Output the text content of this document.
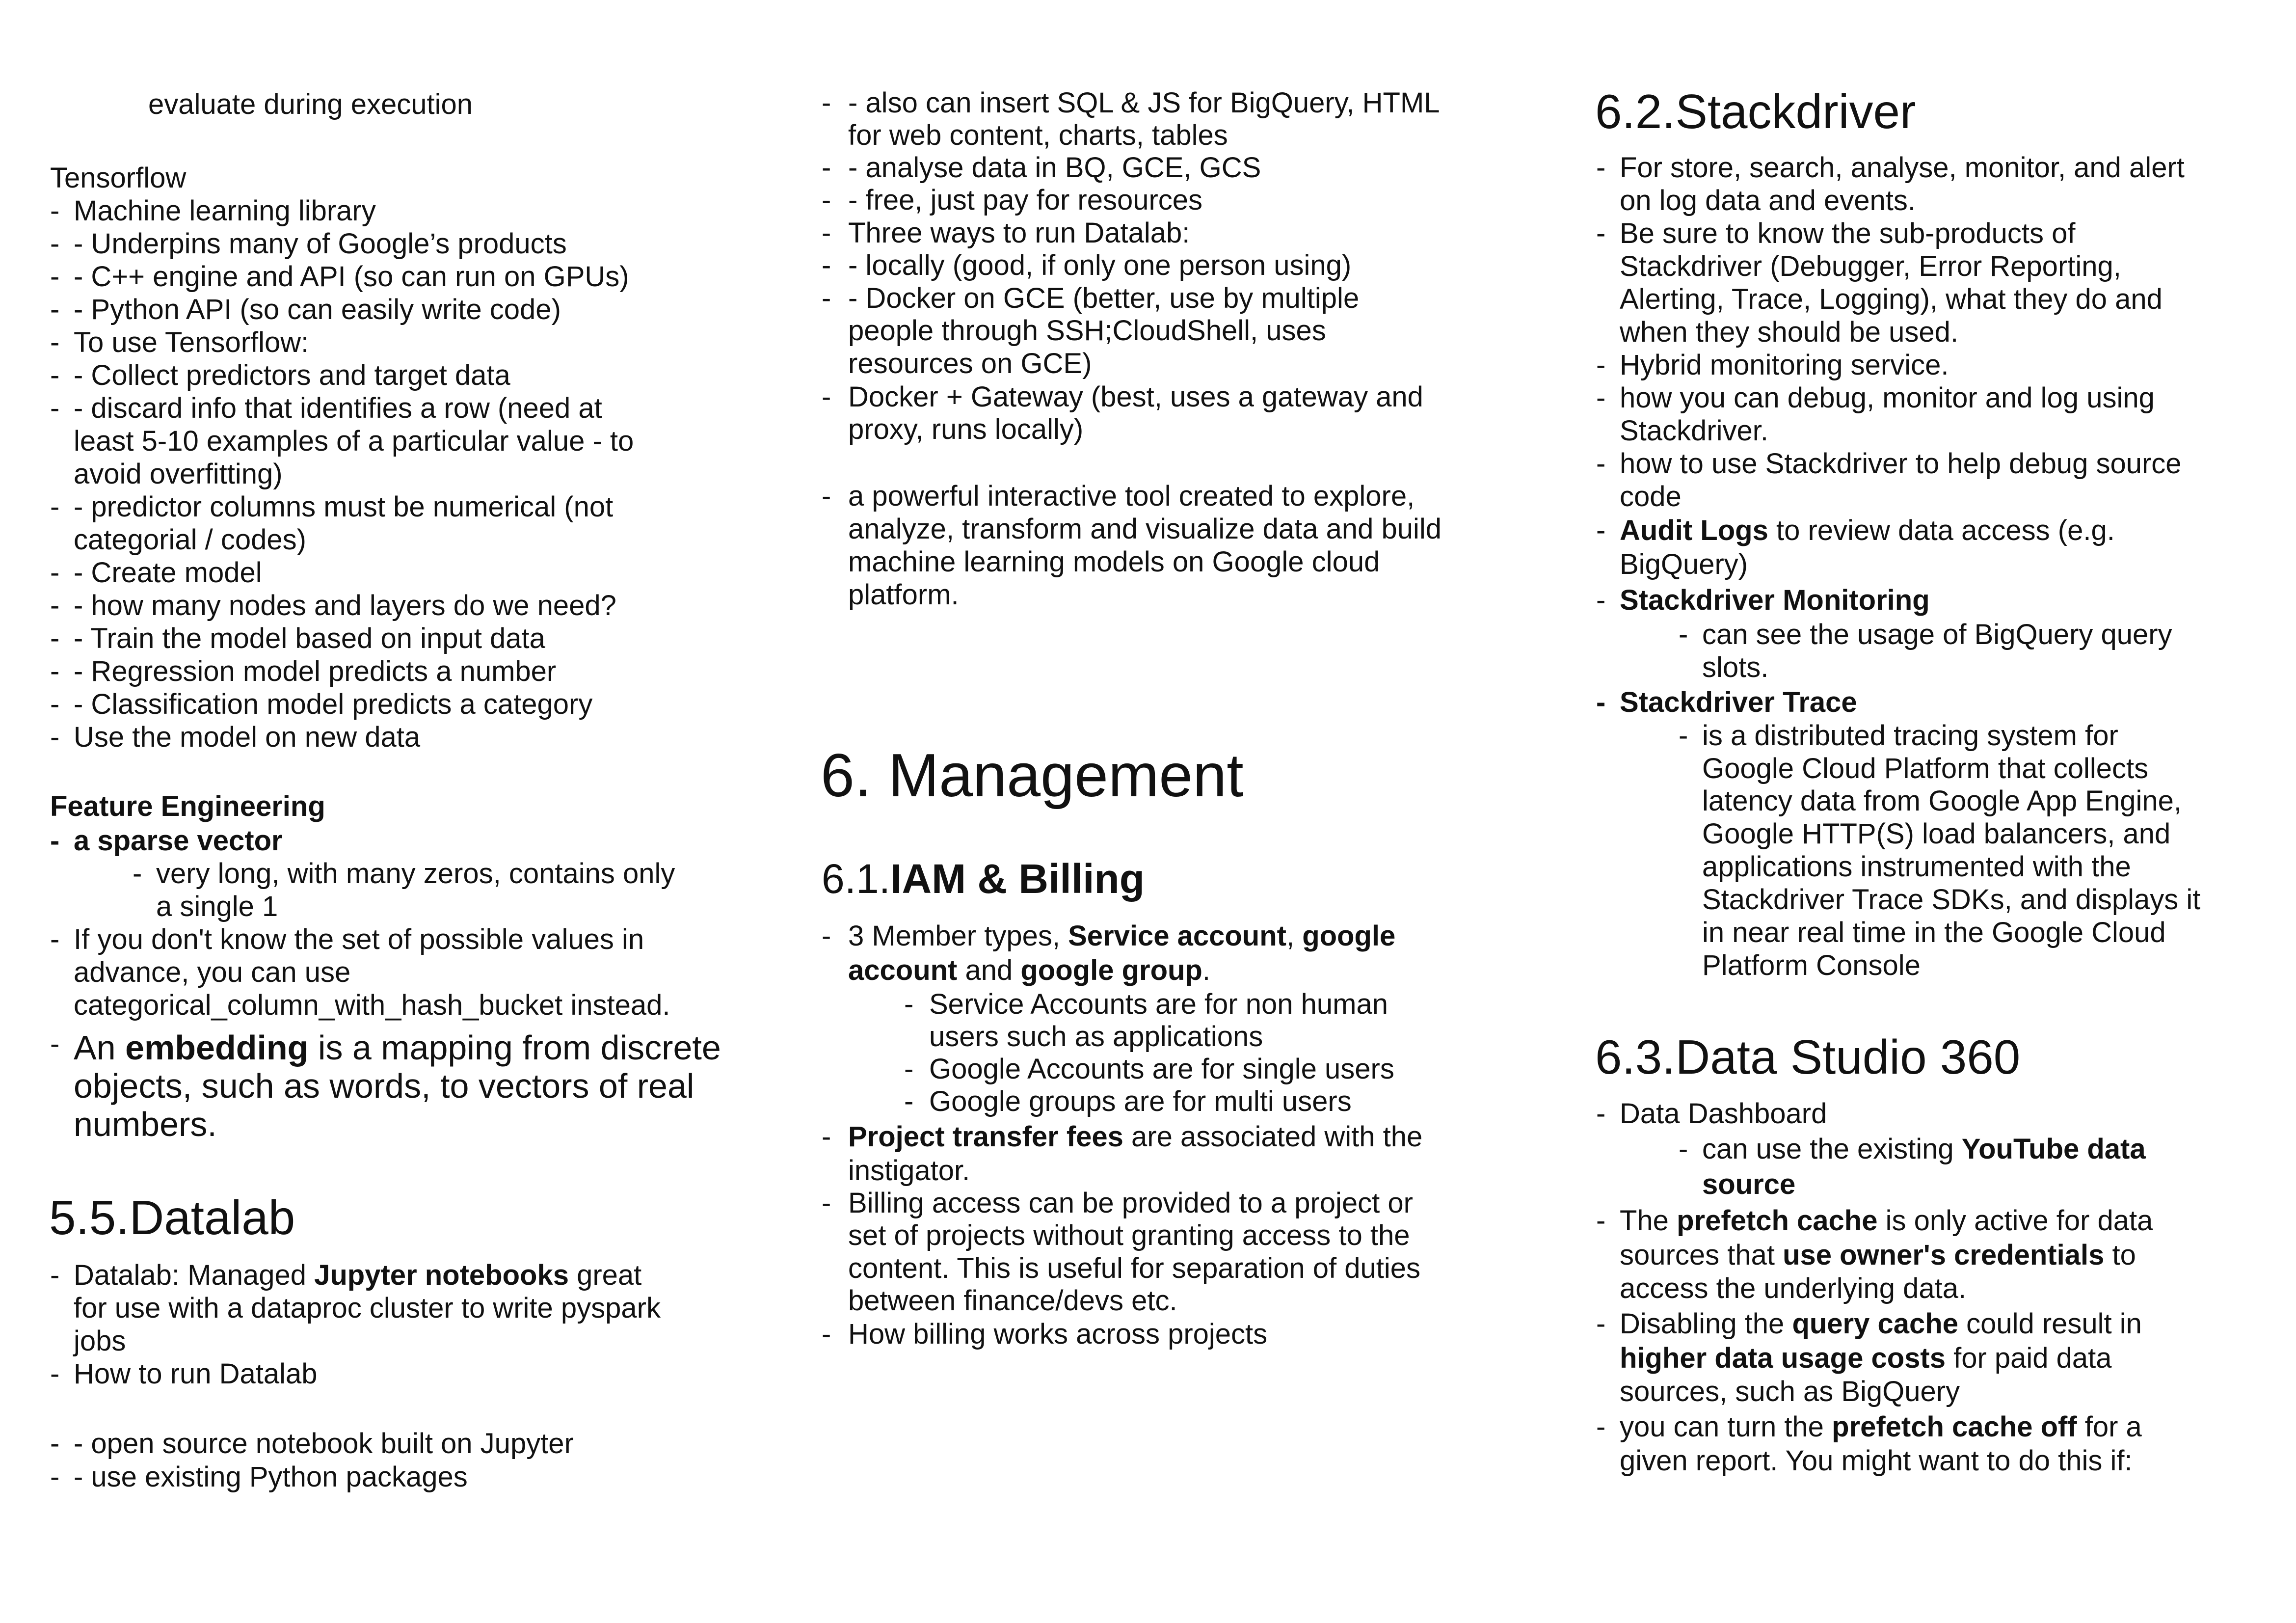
evaluate during execution
Tensorflow
- Machine learning library
- - Underpins many of Google’s products
- - C++ engine and API (so can run on GPUs)
- - Python API (so can easily write code)
- To use Tensorflow:
- - Collect predictors and target data
- - discard info that identifies a row (need at
least 5-10 examples of a particular value - to
avoid overfitting)
- - predictor columns must be numerical (not
categorial / codes)
- - Create model
- - how many nodes and layers do we need?
- - Train the model based on input data
- - Regression model predicts a number
- - Classification model predicts a category
- Use the model on new data
Feature Engineering
- a sparse vector
- very long, with many zeros, contains only
a single 1
- If you don't know the set of possible values in
advance, you can use
categorical_column_with_hash_bucket instead.
- An embedding is a mapping from discrete
objects, such as words, to vectors of real
numbers.
5.5.Datalab
- Datalab: Managed Jupyter notebooks great
for use with a dataproc cluster to write pyspark
jobs
- How to run Datalab
- - open source notebook built on Jupyter
- - use existing Python packages
- - also can insert SQL & JS for BigQuery, HTML
for web content, charts, tables
- - analyse data in BQ, GCE, GCS
- - free, just pay for resources
- Three ways to run Datalab:
- - locally (good, if only one person using)
- - Docker on GCE (better, use by multiple
people through SSH;CloudShell, uses
resources on GCE)
- Docker + Gateway (best, uses a gateway and
proxy, runs locally)
- a powerful interactive tool created to explore,
analyze, transform and visualize data and build
machine learning models on Google cloud
platform.
6. Management
6.1.IAM & Billing
- 3 Member types, Service account, google
account and google group.
- Service Accounts are for non human
users such as applications
- Google Accounts are for single users
- Google groups are for multi users
- Project transfer fees are associated with the
instigator.
- Billing access can be provided to a project or
set of projects without granting access to the
content. This is useful for separation of duties
between finance/devs etc.
- How billing works across projects
6.2.Stackdriver
- For store, search, analyse, monitor, and alert
on log data and events.
- Be sure to know the sub-products of
Stackdriver (Debugger, Error Reporting,
Alerting, Trace, Logging), what they do and
when they should be used.
- Hybrid monitoring service.
- how you can debug, monitor and log using
Stackdriver.
- how to use Stackdriver to help debug source
code
- Audit Logs to review data access (e.g.
BigQuery)
- Stackdriver Monitoring
- can see the usage of BigQuery query
slots.
- Stackdriver Trace
- is a distributed tracing system for
Google Cloud Platform that collects
latency data from Google App Engine,
Google HTTP(S) load balancers, and
applications instrumented with the
Stackdriver Trace SDKs, and displays it
in near real time in the Google Cloud
Platform Console
6.3.Data Studio 360
- Data Dashboard
- can use the existing YouTube data
source
- The prefetch cache is only active for data
sources that use owner's credentials to
access the underlying data.
- Disabling the query cache could result in
higher data usage costs for paid data
sources, such as BigQuery
- you can turn the prefetch cache off for a
given report. You might want to do this if:
